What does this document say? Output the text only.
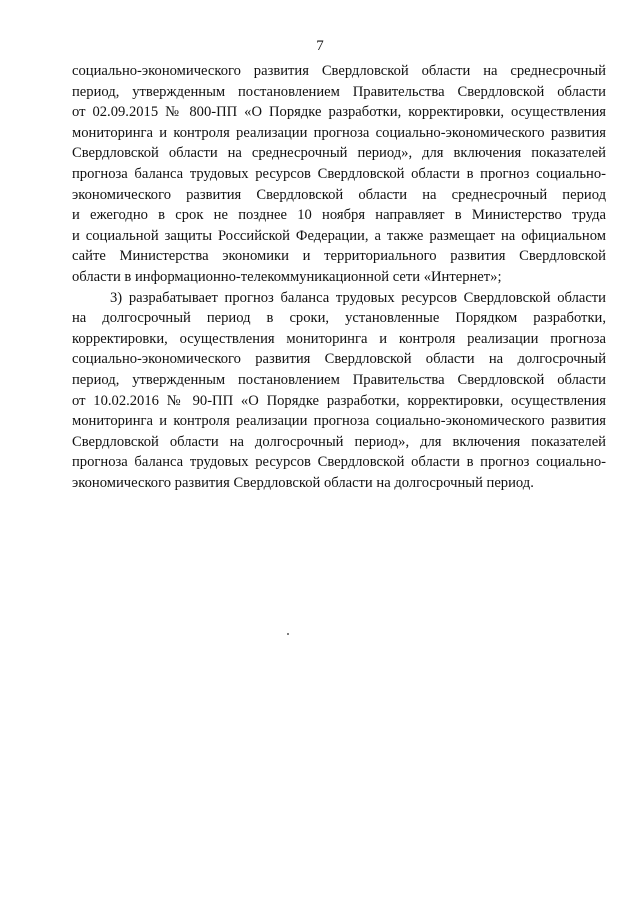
7
социально-экономического развития Свердловской области на среднесрочный
период, утвержденным постановлением Правительства Свердловской области
от 02.09.2015 № 800-ПП «О Порядке разработки, корректировки, осуществления
мониторинга и контроля реализации прогноза социально-экономического развития
Свердловской области на среднесрочный период», для включения показателей
прогноза баланса трудовых ресурсов Свердловской области в прогноз социально-
экономического развития Свердловской области на среднесрочный период
и ежегодно в срок не позднее 10 ноября направляет в Министерство труда
и социальной защиты Российской Федерации, а также размещает на официальном
сайте Министерства экономики и территориального развития Свердловской
области в информационно-телекоммуникационной сети «Интернет»;
3) разрабатывает прогноз баланса трудовых ресурсов Свердловской области
на долгосрочный период в сроки, установленные Порядком разработки,
корректировки, осуществления мониторинга и контроля реализации прогноза
социально-экономического развития Свердловской области на долгосрочный
период, утвержденным постановлением Правительства Свердловской области
от 10.02.2016 № 90-ПП «О Порядке разработки, корректировки, осуществления
мониторинга и контроля реализации прогноза социально-экономического развития
Свердловской области на долгосрочный период», для включения показателей
прогноза баланса трудовых ресурсов Свердловской области в прогноз социально-
экономического развития Свердловской области на долгосрочный период.
